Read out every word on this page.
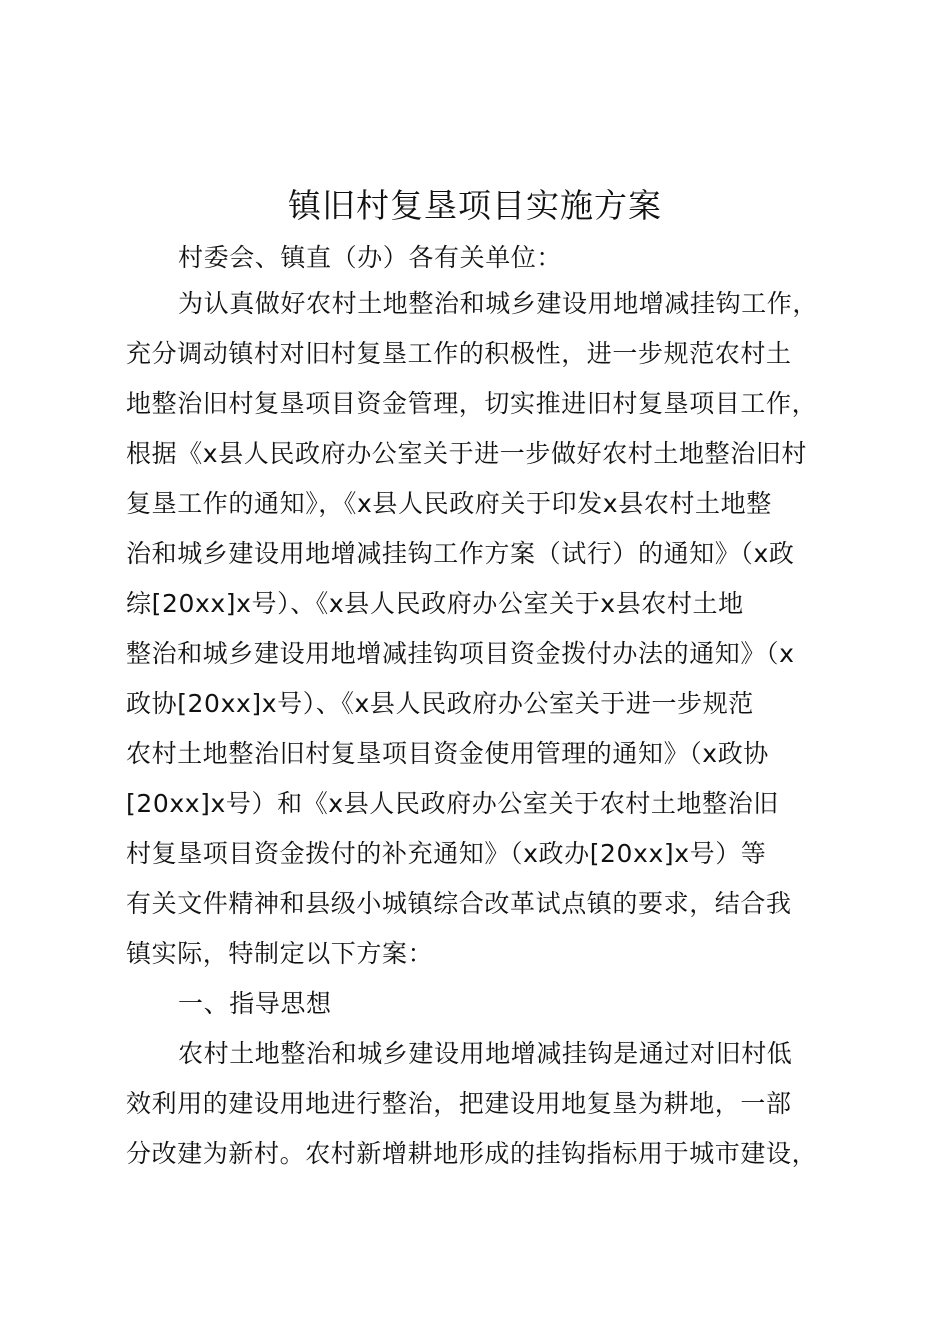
镇旧村复垦项目实施方案

村委会、镇直（办）各有关单位：

为认真做好农村土地整治和城乡建设用地增减挂钩工作，

充分调动镇村对旧村复垦工作的积极性，进一步规范农村土

地整治旧村复垦项目资金管理，切实推进旧村复垦项目工作，

根据《x县人民政府办公室关于进一步做好农村土地整治旧村

复垦工作的通知》，《x县人民政府关于印发x县农村土地整

治和城乡建设用地增减挂钩工作方案（试行）的通知》（x政

综[20xx]x号）、《x县人民政府办公室关于x县农村土地

整治和城乡建设用地增减挂钩项目资金拨付办法的通知》（x

政协[20xx]x号）、《x县人民政府办公室关于进一步规范

农村土地整治旧村复垦项目资金使用管理的通知》（x政协

[20xx]x号）和《x县人民政府办公室关于农村土地整治旧

村复垦项目资金拨付的补充通知》（x政办[20xx]x号）等

有关文件精神和县级小城镇综合改革试点镇的要求，结合我

镇实际，特制定以下方案：

一、指导思想

农村土地整治和城乡建设用地增减挂钩是通过对旧村低

效利用的建设用地进行整治，把建设用地复垦为耕地，一部

分改建为新村。农村新增耕地形成的挂钩指标用于城市建设，
